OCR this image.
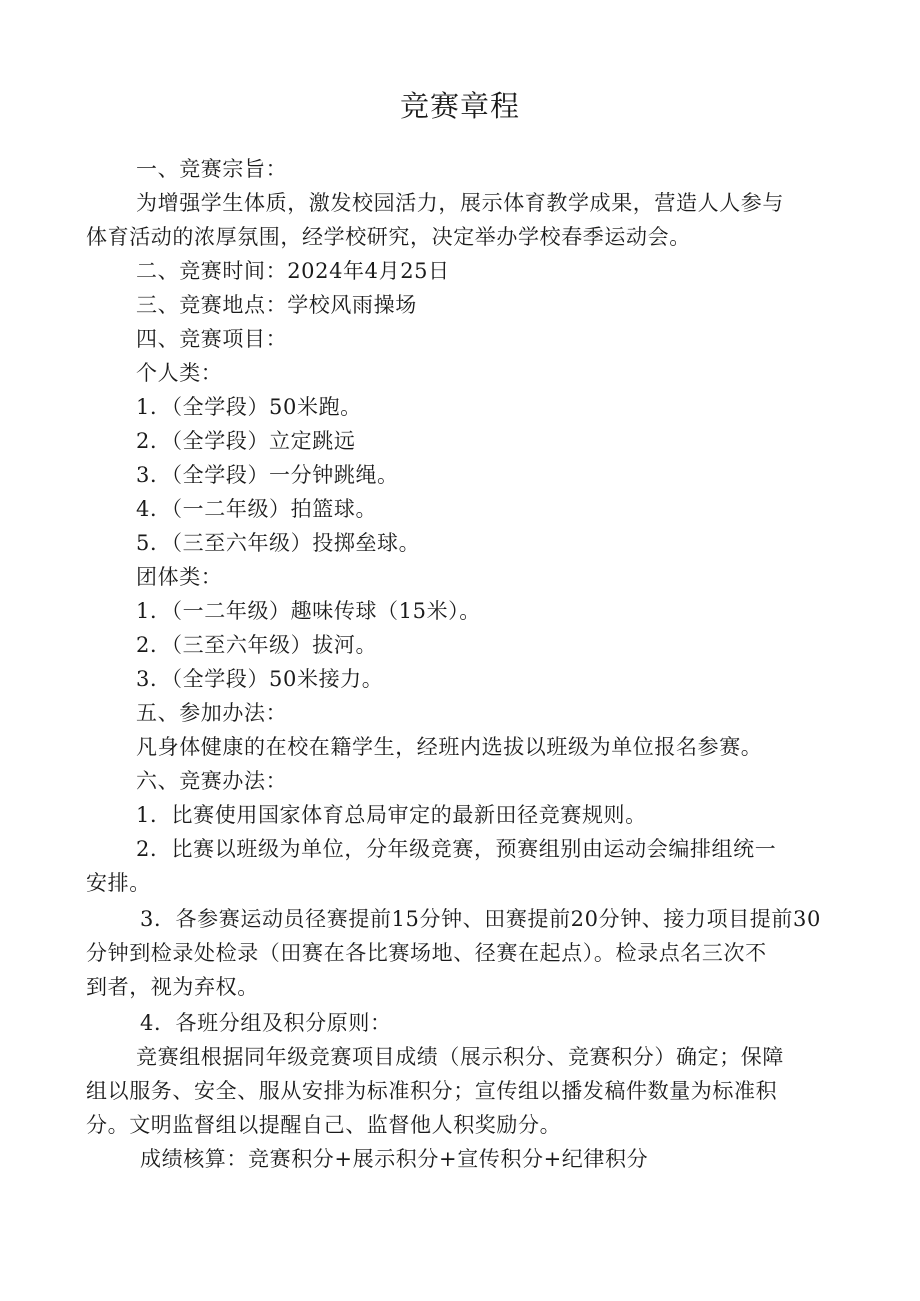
竞赛章程
一、竞赛宗旨：
为增强学生体质，激发校园活力，展示体育教学成果，营造人人参与
体育活动的浓厚氛围，经学校研究，决定举办学校春季运动会。
二、竞赛时间：2024年4月25日
三、竞赛地点：学校风雨操场
四、竞赛项目：
个人类：
1．（全学段）50米跑。
2．（全学段）立定跳远
3．（全学段）一分钟跳绳。
4．（一二年级）拍篮球。
5．（三至六年级）投掷垒球。
团体类：
1．（一二年级）趣味传球（15米）。
2．（三至六年级）拔河。
3．（全学段）50米接力。
五、参加办法：
凡身体健康的在校在籍学生，经班内选拔以班级为单位报名参赛。
六、竞赛办法：
1．比赛使用国家体育总局审定的最新田径竞赛规则。
2．比赛以班级为单位，分年级竞赛，预赛组别由运动会编排组统一
安排。
3．各参赛运动员径赛提前15分钟、田赛提前20分钟、接力项目提前30
分钟到检录处检录（田赛在各比赛场地、径赛在起点）。检录点名三次不
到者，视为弃权。
4．各班分组及积分原则：
竞赛组根据同年级竞赛项目成绩（展示积分、竞赛积分）确定；保障
组以服务、安全、服从安排为标准积分；宣传组以播发稿件数量为标准积
分。文明监督组以提醒自己、监督他人积奖励分。
成绩核算：竞赛积分+展示积分+宣传积分+纪律积分
